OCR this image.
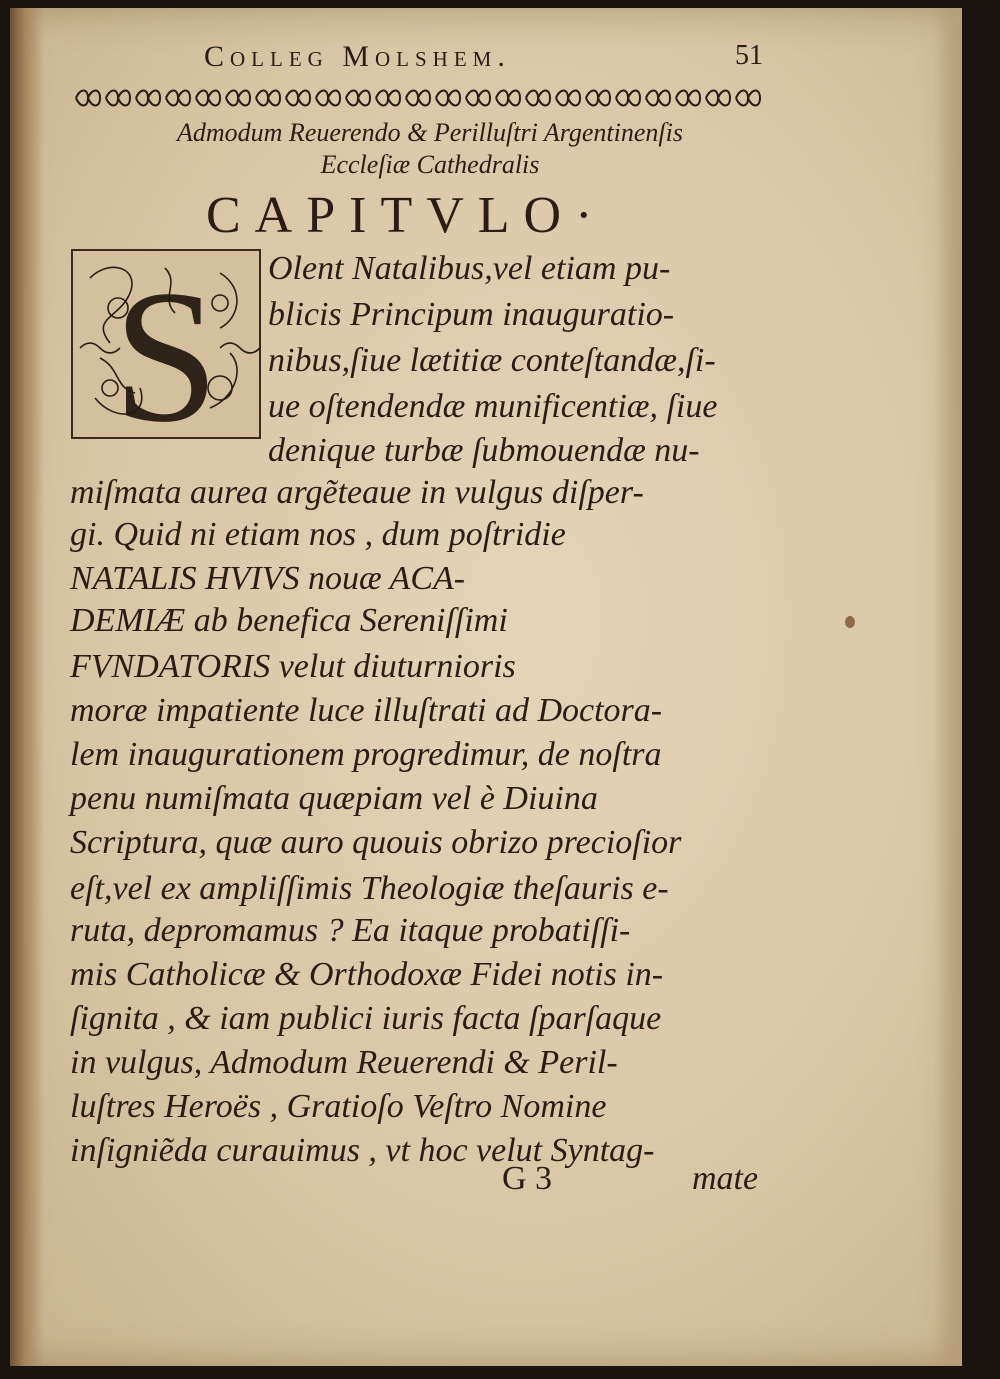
Colleg Molshem.	51
Admodum Reuerendo & Perilluſtri Argentinenſis
Eccleſiæ Cathedralis
CAPITVLO·
S Olent Natalibus,vel etiam pu-
blicis Principum inauguratio-
nibus,ſiue lætitiæ conteſtandæ,ſi-
ue oſtendendæ munificentiæ, ſiue
denique turbæ ſubmouendæ nu-
miſmata aurea argẽteaue in vulgus diſper-
gi. Quid ni etiam nos , dum poſtridie
NATALIS HVIVS nouæ ACA-
DEMIÆ ab benefica Sereniſſimi
FVNDATORIS velut diuturnioris
moræ impatiente luce illuſtrati ad Doctora-
lem inaugurationem progredimur, de noſtra
penu numiſmata quæpiam vel è Diuina
Scriptura, quæ auro quouis obrizo precioſior
eſt,vel ex ampliſſimis Theologiæ theſauris e-
ruta, depromamus ? Ea itaque probatiſſi-
mis Catholicæ & Orthodoxæ Fidei notis in-
ſignita , & iam publici iuris facta ſparſaque
in vulgus, Admodum Reuerendi & Peril-
luſtres Heroës , Gratioſo Veſtro Nomine
inſigniẽda curauimus , vt hoc velut Syntag-
G 3	mate
